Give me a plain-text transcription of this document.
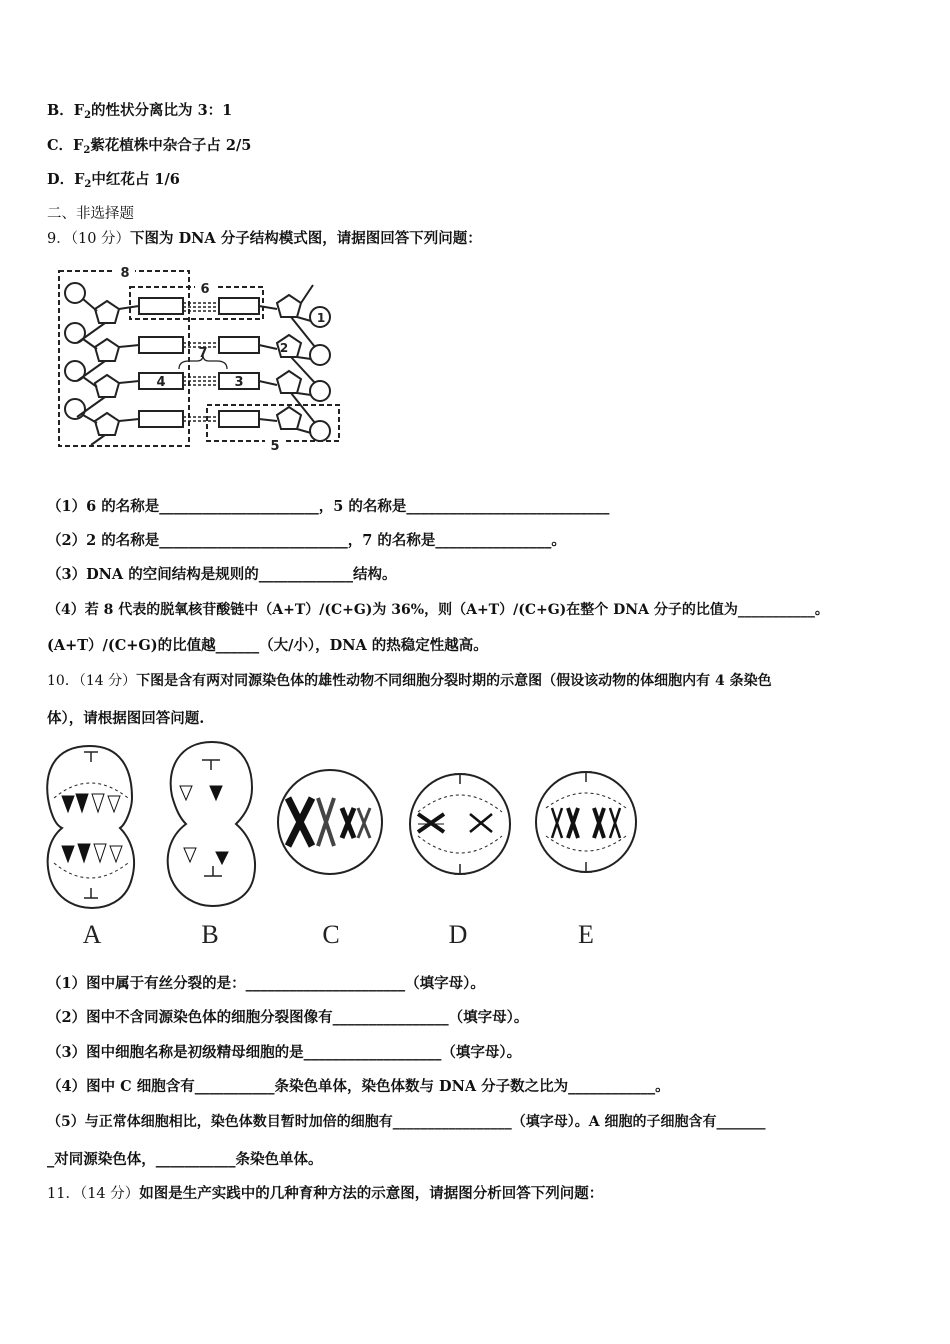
B．$F_2$的性状分离比为 3：1
C．$F_2$紫花植株中杂合子占 2/5
D．$F_2$中红花占 1/6
二、非选择题
9．（10 分）下图为 DNA 分子结构模式图，请据图回答下列问题：
8
6
1
2
7
4	3
5
（1）6 的名称是______________________，5 的名称是____________________________
（2）2 的名称是__________________________，7 的名称是________________。
（3）DNA 的空间结构是规则的_____________结构。
（4）若 8 代表的脱氧核苷酸链中（A+T）/(C+G)为 36%，则（A+T）/(C+G)在整个 DNA 分子的比值为___________。
(A+T）/(C+G)的比值越______（大/小），DNA 的热稳定性越高。
10．（14 分）下图是含有两对同源染色体的雄性动物不同细胞分裂时期的示意图（假设该动物的体细胞内有 4 条染色
体），请根据图回答问题.
A	B	C	D	E
（1）图中属于有丝分裂的是：______________________（填字母）。
（2）图中不含同源染色体的细胞分裂图像有________________（填字母）。
（3）图中细胞名称是初级精母细胞的是___________________（填字母）。
（4）图中 C 细胞含有___________条染色单体，染色体数与 DNA 分子数之比为____________。
（5）与正常体细胞相比，染色体数目暂时加倍的细胞有_________________（填字母）。A 细胞的子细胞含有_______
_对同源染色体，___________条染色单体。
11．（14 分）如图是生产实践中的几种育种方法的示意图，请据图分析回答下列问题：
